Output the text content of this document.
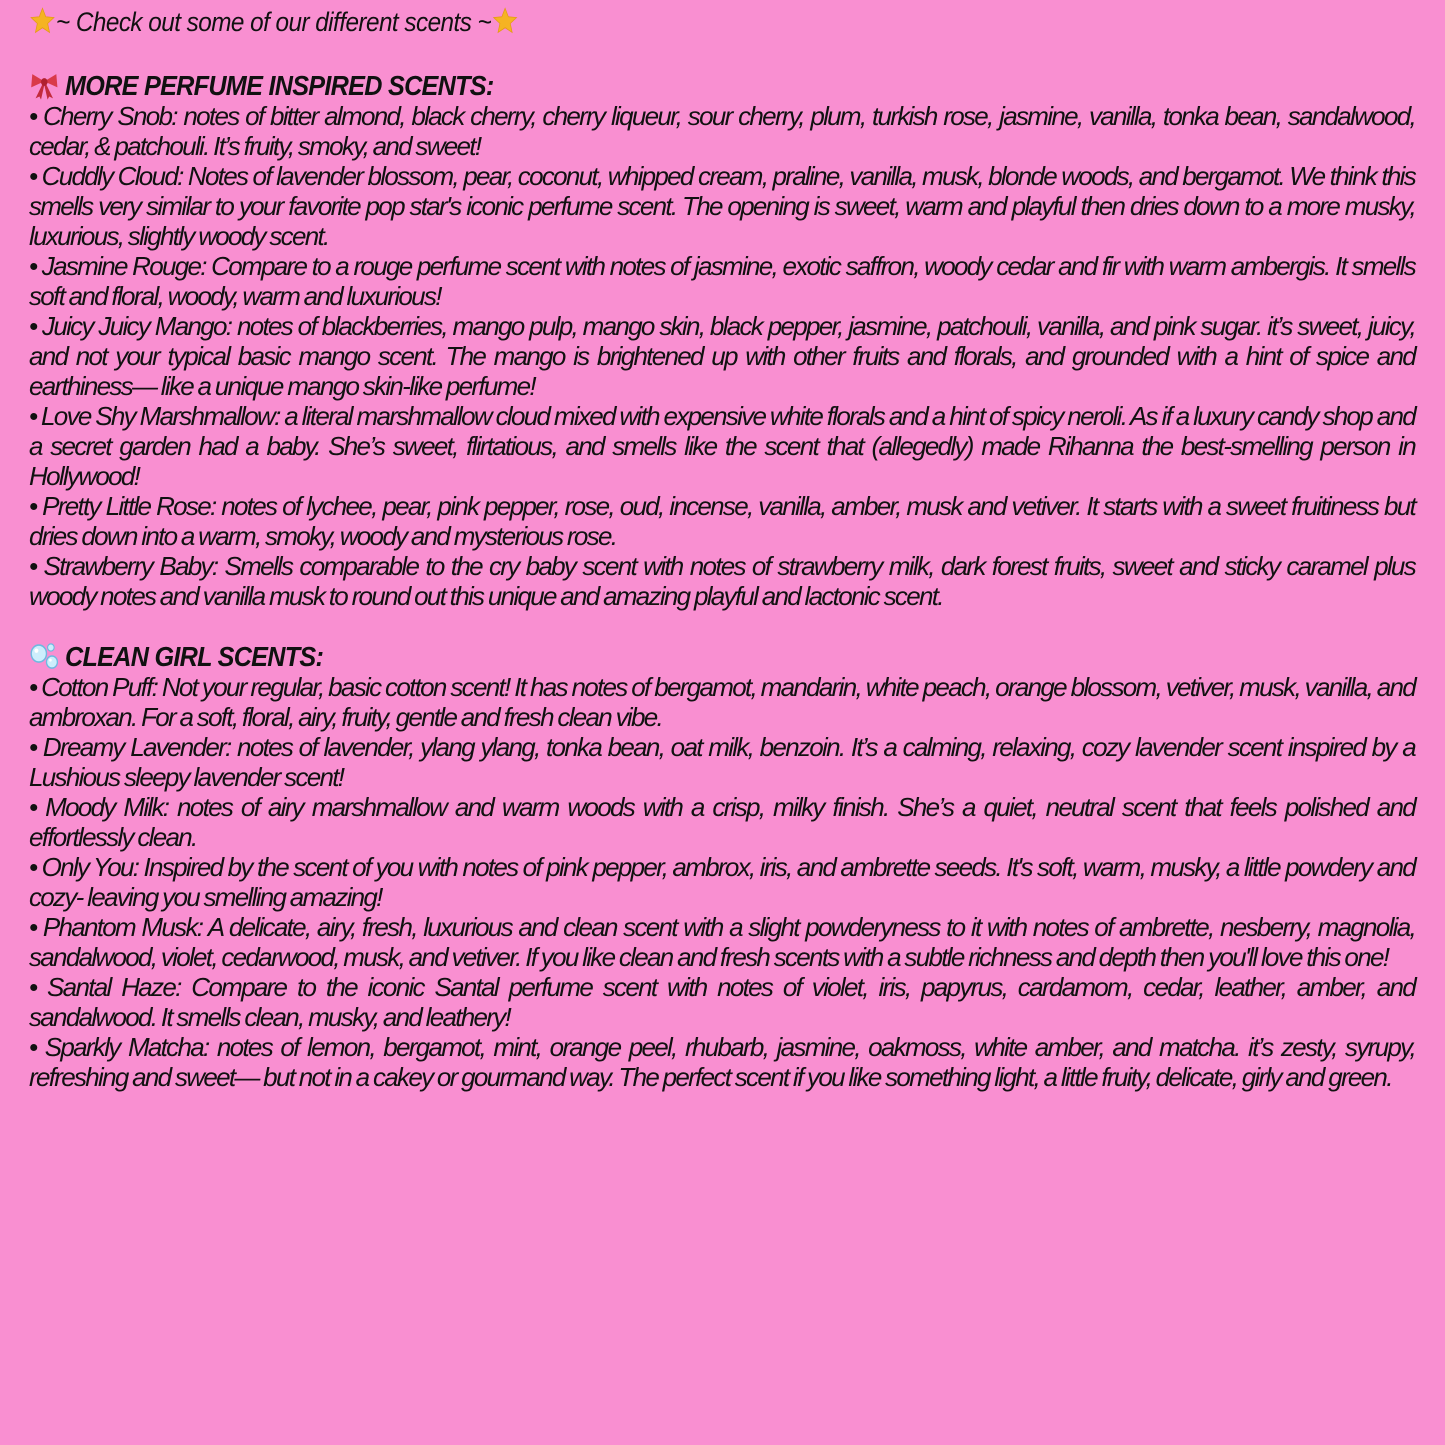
~ Check out some of our different scents ~
MORE PERFUME INSPIRED SCENTS:
• Cherry Snob: notes of bitter almond, black cherry, cherry liqueur, sour cherry, plum, turkish rose, jasmine, vanilla, tonka bean, sandalwood, cedar, & patchouli. It’s fruity, smoky, and sweet!
• Cuddly Cloud: Notes of lavender blossom, pear, coconut, whipped cream, praline, vanilla, musk, blonde woods, and bergamot. We think this smells very similar to your favorite pop star's iconic perfume scent. The opening is sweet, warm and playful then dries down to a more musky, luxurious, slightly woody scent.
• Jasmine Rouge: Compare to a rouge perfume scent with notes of jasmine, exotic saffron, woody cedar and fir with warm ambergis. It smells soft and floral, woody, warm and luxurious!
• Juicy Juicy Mango: notes of blackberries, mango pulp, mango skin, black pepper, jasmine, patchouli, vanilla, and pink sugar. it’s sweet, juicy, and not your typical basic mango scent. The mango is brightened up with other fruits and florals, and grounded with a hint of spice and earthiness— like a unique mango skin-like perfume!
• Love Shy Marshmallow: a literal marshmallow cloud mixed with expensive white florals and a hint of spicy neroli. As if a luxury candy shop and a secret garden had a baby. She’s sweet, flirtatious, and smells like the scent that (allegedly) made Rihanna the best-smelling person in Hollywood!
• Pretty Little Rose: notes of lychee, pear, pink pepper, rose, oud, incense, vanilla, amber, musk and vetiver. It starts with a sweet fruitiness but dries down into a warm, smoky, woody and mysterious rose.
• Strawberry Baby: Smells comparable to the cry baby scent with notes of strawberry milk, dark forest fruits, sweet and sticky caramel plus woody notes and vanilla musk to round out this unique and amazing playful and lactonic scent.
CLEAN GIRL SCENTS:
• Cotton Puff: Not your regular, basic cotton scent! It has notes of bergamot, mandarin, white peach, orange blossom, vetiver, musk, vanilla, and ambroxan. For a soft, floral, airy, fruity, gentle and fresh clean vibe.
• Dreamy Lavender: notes of lavender, ylang ylang, tonka bean, oat milk, benzoin. It’s a calming, relaxing, cozy lavender scent inspired by a Lushious sleepy lavender scent!
• Moody Milk: notes of airy marshmallow and warm woods with a crisp, milky finish. She’s a quiet, neutral scent that feels polished and effortlessly clean.
• Only You: Inspired by the scent of you with notes of pink pepper, ambrox, iris, and ambrette seeds. It's soft, warm, musky, a little powdery and cozy- leaving you smelling amazing!
• Phantom Musk: A delicate, airy, fresh, luxurious and clean scent with a slight powderyness to it with notes of ambrette, nesberry, magnolia, sandalwood, violet, cedarwood, musk, and vetiver. If you like clean and fresh scents with a subtle richness and depth then you'll love this one!
• Santal Haze: Compare to the iconic Santal perfume scent with notes of violet, iris, papyrus, cardamom, cedar, leather, amber, and sandalwood. It smells clean, musky, and leathery!
• Sparkly Matcha: notes of lemon, bergamot, mint, orange peel, rhubarb, jasmine, oakmoss, white amber, and matcha. it’s zesty, syrupy, refreshing and sweet— but not in a cakey or gourmand way. The perfect scent if you like something light, a little fruity, delicate, girly and green.
